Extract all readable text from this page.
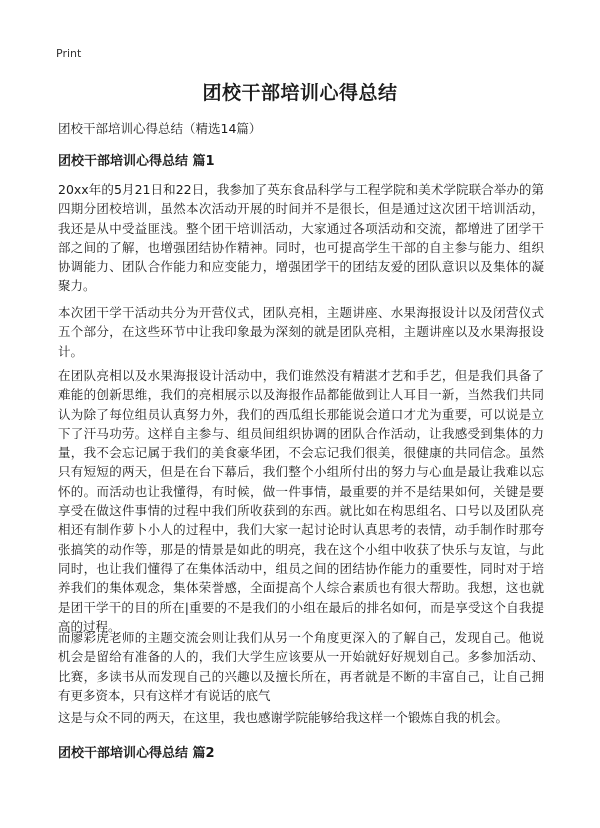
Print
团校干部培训心得总结
团校干部培训心得总结（精选14篇）
团校干部培训心得总结 篇1

20xx年的5月21日和22日，我参加了英东食品科学与工程学院和美术学院联合举办的第四期分团校培训，虽然本次活动开展的时间并不是很长，但是通过这次团干培训活动，我还是从中受益匪浅。整个团干培训活动，大家通过各项活动和交流，都增进了团学干部之间的了解，也增强团结协作精神。同时，也可提高学生干部的自主参与能力、组织协调能力、团队合作能力和应变能力，增强团学干的团结友爱的团队意识以及集体的凝聚力。

本次团干学干活动共分为开营仪式，团队亮相，主题讲座、水果海报设计以及闭营仪式五个部分，在这些环节中让我印象最为深刻的就是团队亮相，主题讲座以及水果海报设计。

在团队亮相以及水果海报设计活动中，我们谁然没有精湛才艺和手艺，但是我们具备了难能的创新思维，我们的亮相展示以及海报作品都能做到让人耳目一新，当然我们共同认为除了每位组员认真努力外，我们的西瓜组长那能说会道口才尤为重要，可以说是立下了汗马功劳。这样自主参与、组员间组织协调的团队合作活动，让我感受到集体的力量，我不会忘记属于我们的美食豪华团，不会忘记我们很美，很健康的共同信念。虽然只有短短的两天，但是在台下幕后，我们整个小组所付出的努力与心血是最让我难以忘怀的。而活动也让我懂得，有时候，做一件事情，最重要的并不是结果如何，关键是要享受在做这件事情的过程中我们所收获到的东西。就比如在构思组名、口号以及团队亮相还有制作萝卜小人的过程中，我们大家一起讨论时认真思考的表情，动手制作时那夸张搞笑的动作等，那是的情景是如此的明亮，我在这个小组中收获了快乐与友谊，与此同时，也让我们懂得了在集体活动中，组员之间的团结协作能力的重要性，同时对于培养我们的集体观念，集体荣誉感，全面提高个人综合素质也有很大帮助。我想，这也就是团干学干的目的所在|重要的不是我们的小组在最后的排名如何，而是享受这个自我提高的过程。

而廖彩虎老师的主题交流会则让我们从另一个角度更深入的了解自己，发现自己。他说机会是留给有准备的人的，我们大学生应该要从一开始就好好规划自己。多参加活动、比赛，多读书从而发现自己的兴趣以及擅长所在，再者就是不断的丰富自己，让自己拥有更多资本，只有这样才有说话的底气

这是与众不同的两天，在这里，我也感谢学院能够给我这样一个锻炼自我的机会。

团校干部培训心得总结 篇2
